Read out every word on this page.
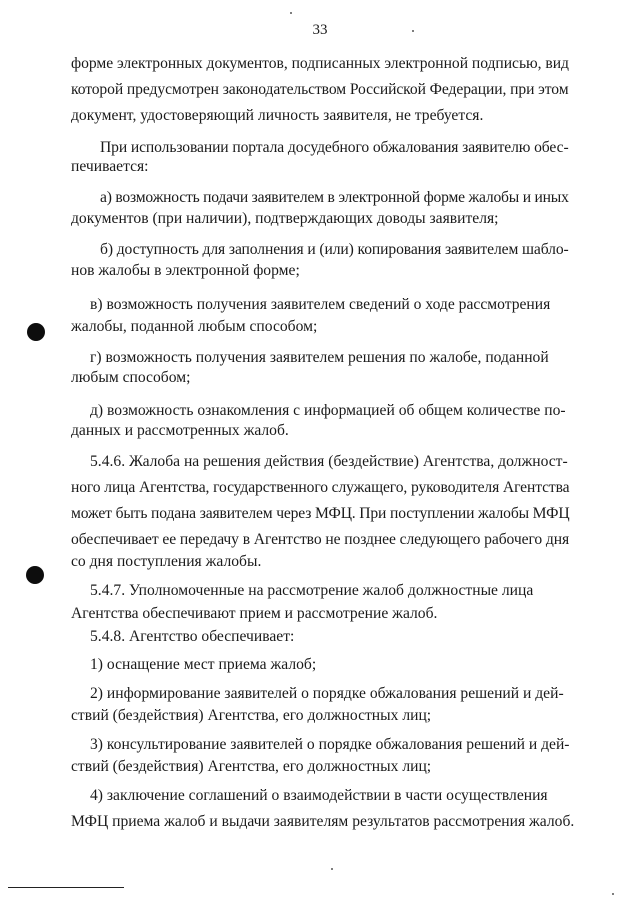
33
форме электронных документов, подписанных электронной подписью, вид
которой предусмотрен законодательством Российской Федерации, при этом
документ, удостоверяющий личность заявителя, не требуется.
При использовании портала досудебного обжалования заявителю обес-
печивается:
а) возможность подачи заявителем в электронной форме жалобы и иных
документов (при наличии), подтверждающих доводы заявителя;
б) доступность для заполнения и (или) копирования заявителем шабло-
нов жалобы в электронной форме;
в) возможность получения заявителем сведений о ходе рассмотрения
жалобы, поданной любым способом;
г) возможность получения заявителем решения по жалобе, поданной
любым способом;
д) возможность ознакомления с информацией об общем количестве по-
данных и рассмотренных жалоб.
5.4.6. Жалоба на решения действия (бездействие) Агентства, должност-
ного лица Агентства, государственного служащего, руководителя Агентства
может быть подана заявителем через МФЦ. При поступлении жалобы МФЦ
обеспечивает ее передачу в Агентство не позднее следующего рабочего дня
со дня поступления жалобы.
5.4.7. Уполномоченные на рассмотрение жалоб должностные лица
Агентства обеспечивают прием и рассмотрение жалоб.
5.4.8. Агентство обеспечивает:
1) оснащение мест приема жалоб;
2) информирование заявителей о порядке обжалования решений и дей-
ствий (бездействия) Агентства, его должностных лиц;
3) консультирование заявителей о порядке обжалования решений и дей-
ствий (бездействия) Агентства, его должностных лиц;
4) заключение соглашений о взаимодействии в части осуществления
МФЦ приема жалоб и выдачи заявителям результатов рассмотрения жалоб.
